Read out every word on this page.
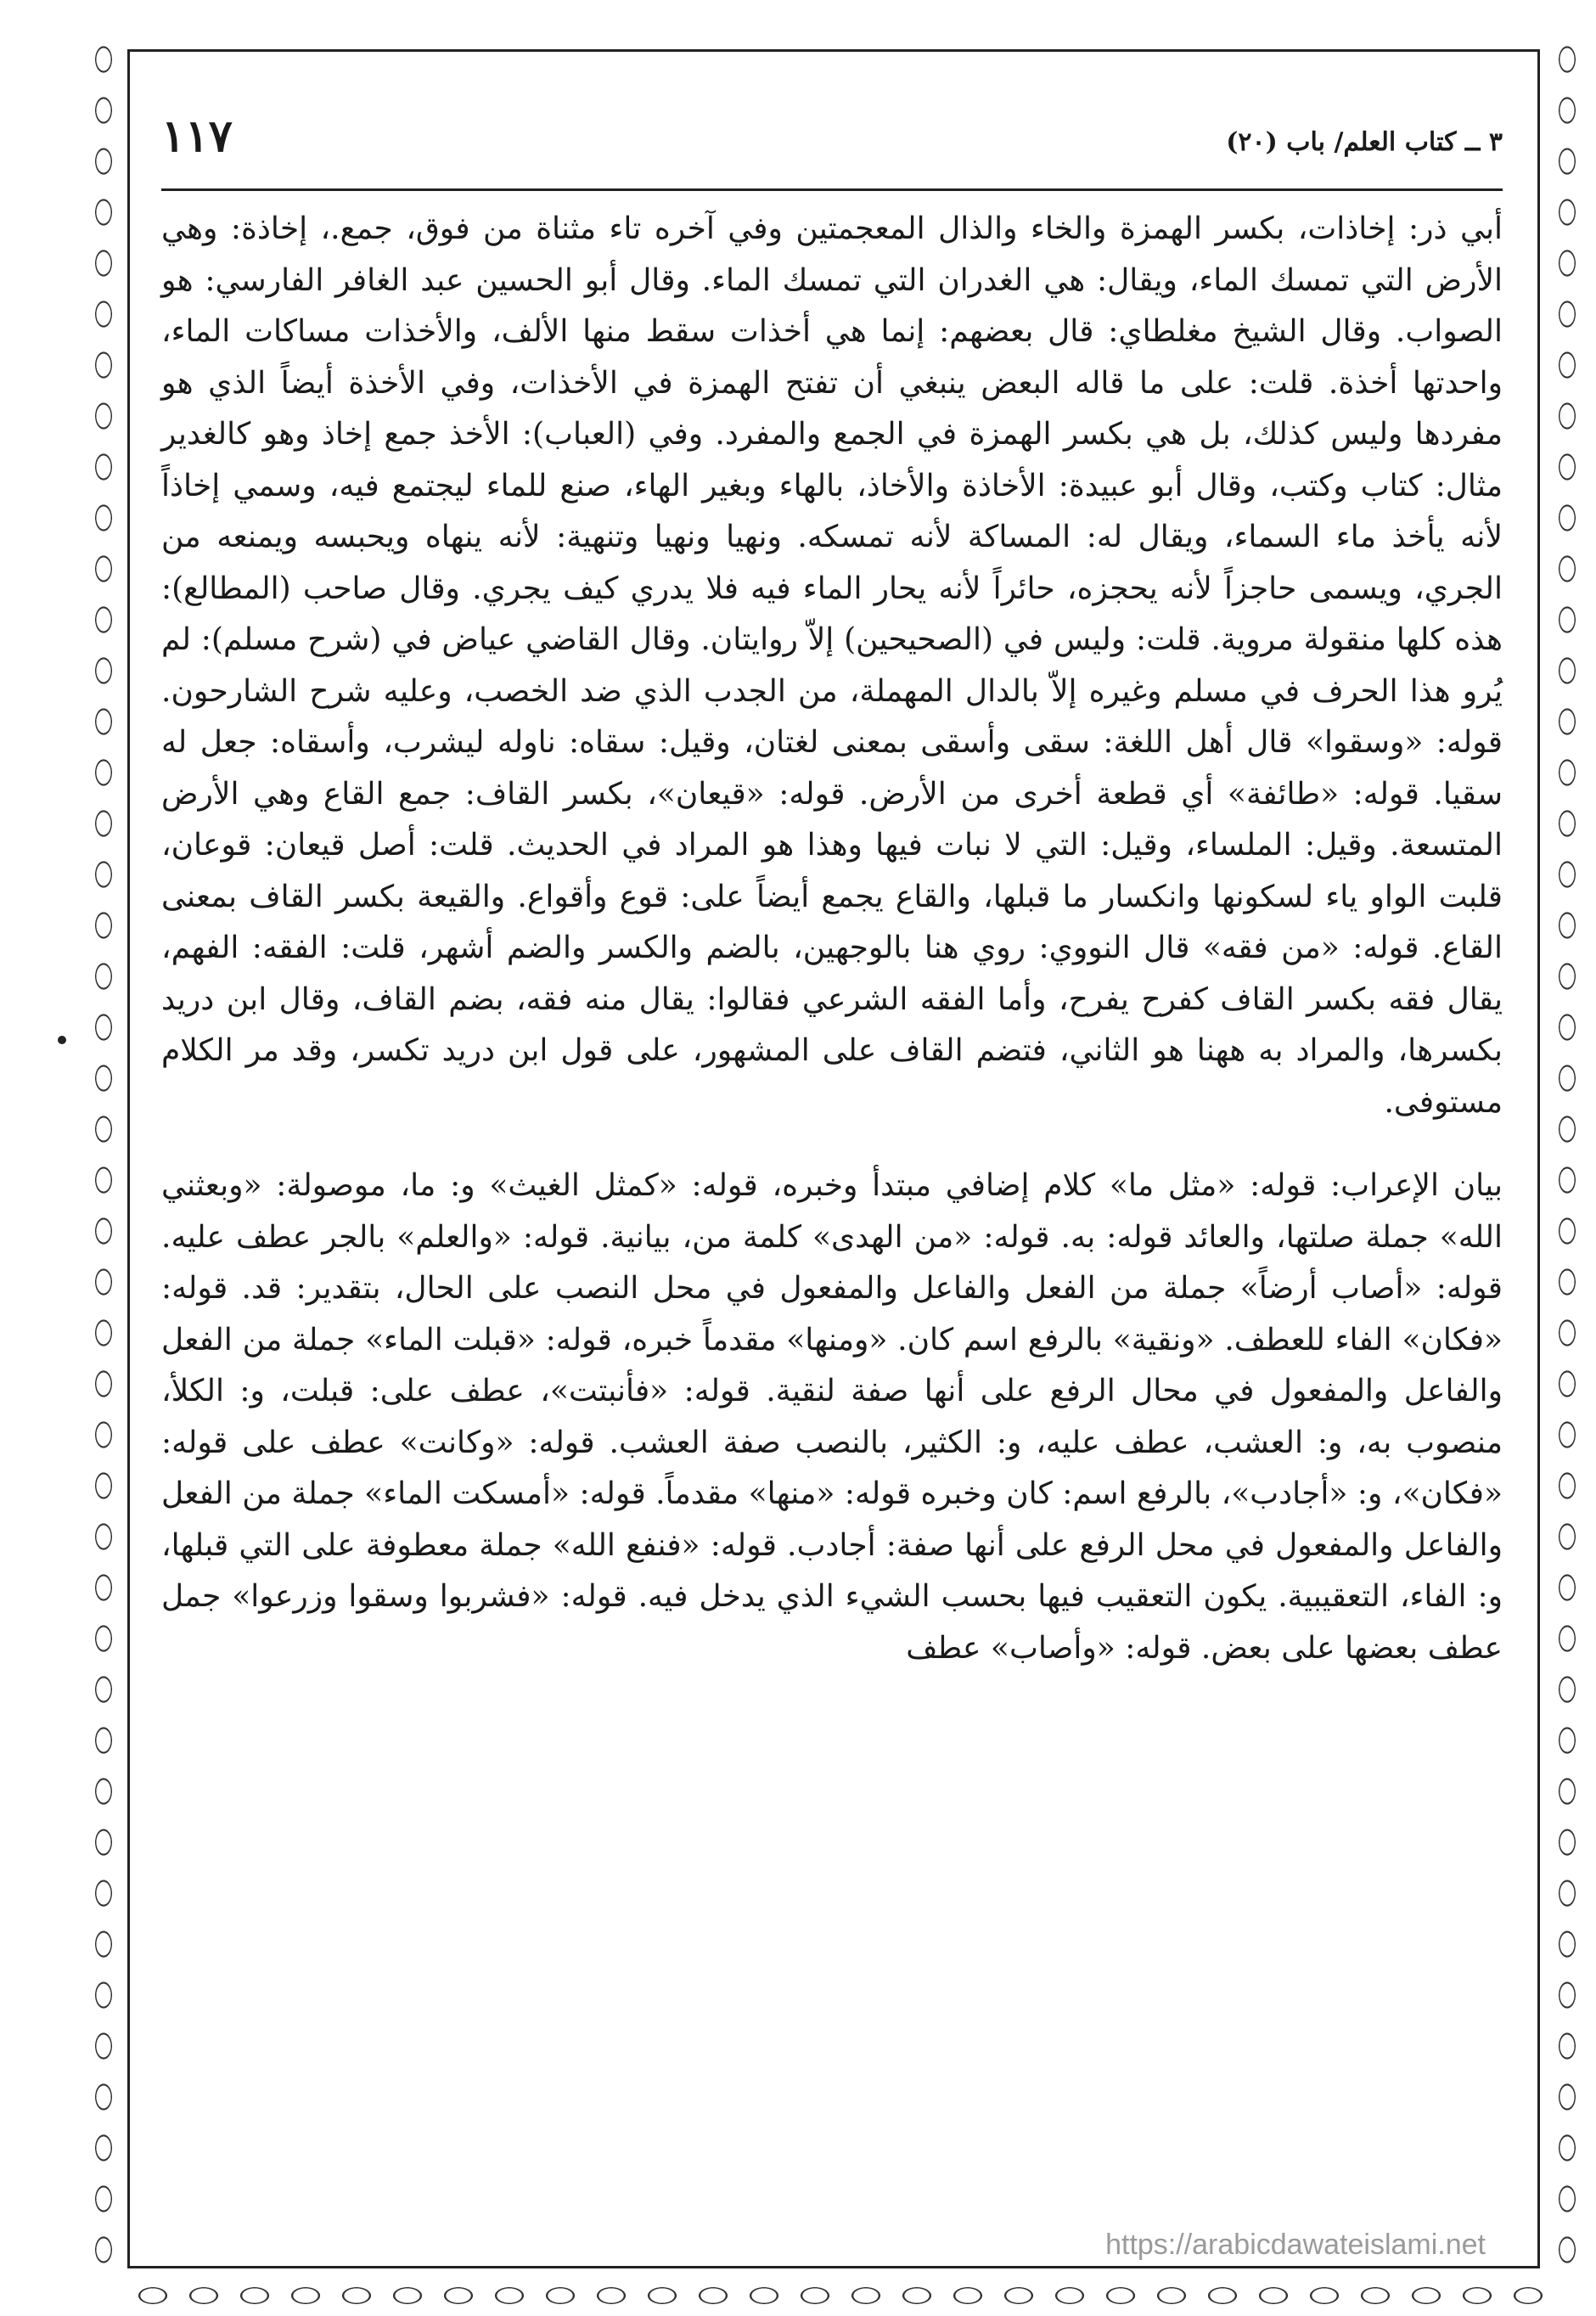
٣ ــ كتاب العلم/ باب (٢٠)
١١٧

أبي ذر: إخاذات، بكسر الهمزة والخاء والذال المعجمتين وفي آخره تاء مثناة من فوق، جمع.، إخاذة: وهي الأرض التي تمسك الماء، ويقال: هي الغدران التي تمسك الماء. وقال أبو الحسين عبد الغافر الفارسي: هو الصواب. وقال الشيخ مغلطاي: قال بعضهم: إنما هي أخذات سقط منها الألف، والأخذات مساكات الماء، واحدتها أخذة. قلت: على ما قاله البعض ينبغي أن تفتح الهمزة في الأخذات، وفي الأخذة أيضاً الذي هو مفردها وليس كذلك، بل هي بكسر الهمزة في الجمع والمفرد. وفي (العباب): الأخذ جمع إخاذ وهو كالغدير مثال: كتاب وكتب، وقال أبو عبيدة: الأخاذة والأخاذ، بالهاء وبغير الهاء، صنع للماء ليجتمع فيه، وسمي إخاذاً لأنه يأخذ ماء السماء، ويقال له: المساكة لأنه تمسكه. ونهيا ونهيا وتنهية: لأنه ينهاه ويحبسه ويمنعه من الجري، ويسمى حاجزاً لأنه يحجزه، حائراً لأنه يحار الماء فيه فلا يدري كيف يجري. وقال صاحب (المطالع): هذه كلها منقولة مروية. قلت: وليس في (الصحيحين) إلاّ روايتان. وقال القاضي عياض في (شرح مسلم): لم يُرو هذا الحرف في مسلم وغيره إلاّ بالدال المهملة، من الجدب الذي ضد الخصب، وعليه شرح الشارحون. قوله: «وسقوا» قال أهل اللغة: سقى وأسقى بمعنى لغتان، وقيل: سقاه: ناوله ليشرب، وأسقاه: جعل له سقيا. قوله: «طائفة» أي قطعة أخرى من الأرض. قوله: «قيعان»، بكسر القاف: جمع القاع وهي الأرض المتسعة. وقيل: الملساء، وقيل: التي لا نبات فيها وهذا هو المراد في الحديث. قلت: أصل قيعان: قوعان، قلبت الواو ياء لسكونها وانكسار ما قبلها، والقاع يجمع أيضاً على: قوع وأقواع. والقيعة بكسر القاف بمعنى القاع. قوله: «من فقه» قال النووي: روي هنا بالوجهين، بالضم والكسر والضم أشهر، قلت: الفقه: الفهم، يقال فقه بكسر القاف كفرح يفرح، وأما الفقه الشرعي فقالوا: يقال منه فقه، بضم القاف، وقال ابن دريد بكسرها، والمراد به ههنا هو الثاني، فتضم القاف على المشهور، على قول ابن دريد تكسر، وقد مر الكلام مستوفى.

بيان الإعراب: قوله: «مثل ما» كلام إضافي مبتدأ وخبره، قوله: «كمثل الغيث» و: ما، موصولة: «وبعثني الله» جملة صلتها، والعائد قوله: به. قوله: «من الهدى» كلمة من، بيانية. قوله: «والعلم» بالجر عطف عليه. قوله: «أصاب أرضاً» جملة من الفعل والفاعل والمفعول في محل النصب على الحال، بتقدير: قد. قوله: «فكان» الفاء للعطف. «ونقية» بالرفع اسم كان. «ومنها» مقدماً خبره، قوله: «قبلت الماء» جملة من الفعل والفاعل والمفعول في محال الرفع على أنها صفة لنقية. قوله: «فأنبتت»، عطف على: قبلت، و: الكلأ، منصوب به، و: العشب، عطف عليه، و: الكثير، بالنصب صفة العشب. قوله: «وكانت» عطف على قوله: «فكان»، و: «أجادب»، بالرفع اسم: كان وخبره قوله: «منها» مقدماً. قوله: «أمسكت الماء» جملة من الفعل والفاعل والمفعول في محل الرفع على أنها صفة: أجادب. قوله: «فنفع الله» جملة معطوفة على التي قبلها، و: الفاء، التعقيبية. يكون التعقيب فيها بحسب الشيء الذي يدخل فيه. قوله: «فشربوا وسقوا وزرعوا» جمل عطف بعضها على بعض. قوله: «وأصاب» عطف

https://arabicdawateislami.net
